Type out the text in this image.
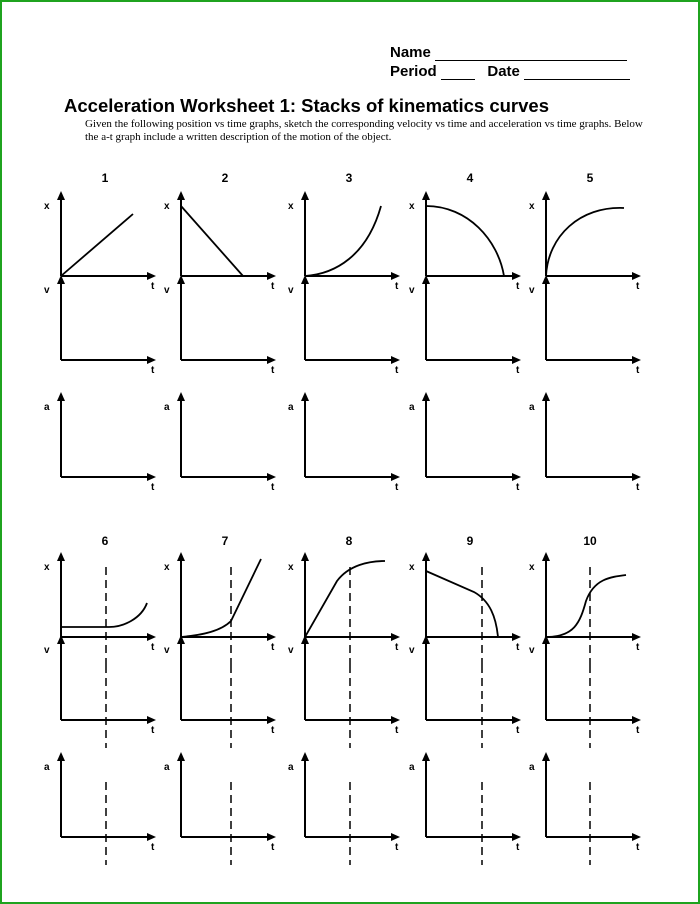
Name
Period	Date
Acceleration Worksheet 1: Stacks of kinematics curves
Given the following position vs time graphs, sketch the corresponding velocity vs time and acceleration vs time graphs. Below the a-t graph include a written description of the motion of the object.
1
x
t
v
t
a
t
2
x
t
v
t
a
t
3
x
t
v
t
a
t
4
x
t
v
t
a
t
5
x
t
v
t
a
t
6
x
t
v
t
a
t
7
x
t
v
t
a
t
8
x
t
v
t
a
t
9
x
t
v
t
a
t
10
x
t
v
t
a
t
